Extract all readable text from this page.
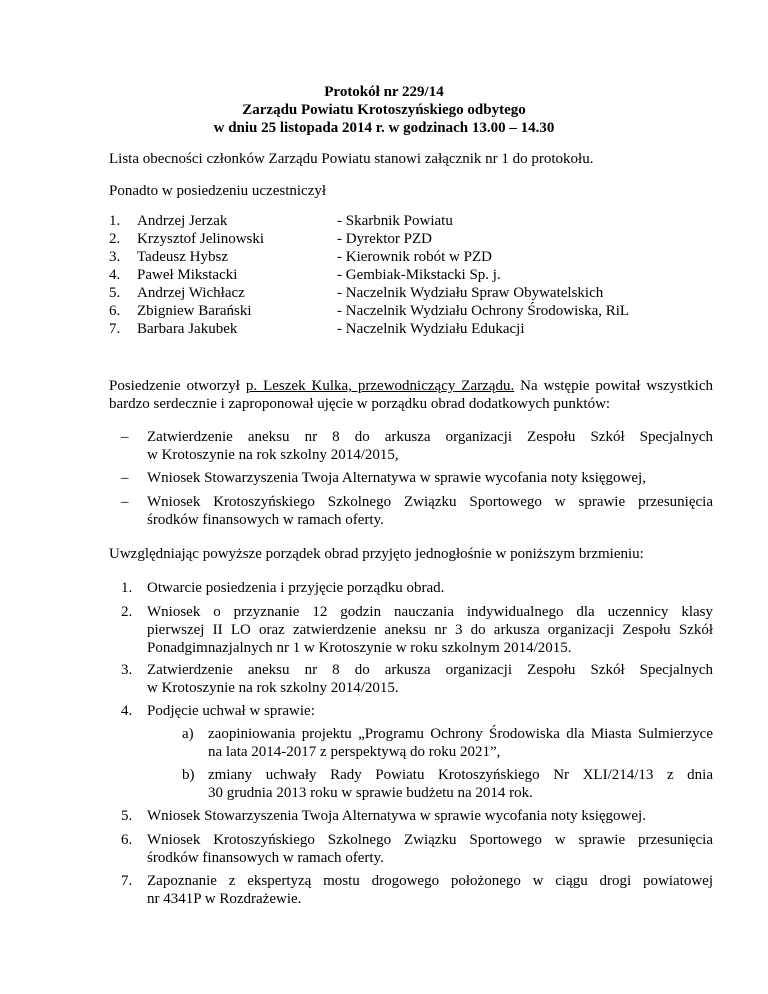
Protokół nr 229/14
Zarządu Powiatu Krotoszyńskiego odbytego
w dniu 25 listopada 2014 r. w godzinach 13.00 – 14.30
Lista obecności członków Zarządu Powiatu stanowi załącznik nr 1 do protokołu.
Ponadto w posiedzeniu uczestniczył
1.	Andrzej Jerzak	- Skarbnik Powiatu
2.	Krzysztof Jelinowski	- Dyrektor PZD
3.	Tadeusz Hybsz	- Kierownik robót w PZD
4.	Paweł Mikstacki	- Gembiak-Mikstacki Sp. j.
5.	Andrzej Wichłacz	- Naczelnik Wydziału Spraw Obywatelskich
6.	Zbigniew Barański	- Naczelnik Wydziału Ochrony Środowiska, RiL
7.	Barbara Jakubek	- Naczelnik Wydziału Edukacji
Posiedzenie otworzył p. Leszek Kulka, przewodniczący Zarządu. Na wstępie powitał wszystkich
bardzo serdecznie i zaproponował ujęcie w porządku obrad dodatkowych punktów:
– Zatwierdzenie aneksu nr 8 do arkusza organizacji Zespołu Szkół Specjalnych
w Krotoszynie na rok szkolny 2014/2015,
– Wniosek Stowarzyszenia Twoja Alternatywa w sprawie wycofania noty księgowej,
– Wniosek Krotoszyńskiego Szkolnego Związku Sportowego w sprawie przesunięcia
środków finansowych w ramach oferty.
Uwzględniając powyższe porządek obrad przyjęto jednogłośnie w poniższym brzmieniu:
1. Otwarcie posiedzenia i przyjęcie porządku obrad.
2. Wniosek o przyznanie 12 godzin nauczania indywidualnego dla uczennicy klasy
pierwszej II LO oraz zatwierdzenie aneksu nr 3 do arkusza organizacji Zespołu Szkół
Ponadgimnazjalnych nr 1 w Krotoszynie w roku szkolnym 2014/2015.
3. Zatwierdzenie aneksu nr 8 do arkusza organizacji Zespołu Szkół Specjalnych
w Krotoszynie na rok szkolny 2014/2015.
4. Podjęcie uchwał w sprawie:
a) zaopiniowania projektu „Programu Ochrony Środowiska dla Miasta Sulmierzyce
na lata 2014-2017 z perspektywą do roku 2021”,
b) zmiany uchwały Rady Powiatu Krotoszyńskiego Nr XLI/214/13 z dnia
30 grudnia 2013 roku w sprawie budżetu na 2014 rok.
5. Wniosek Stowarzyszenia Twoja Alternatywa w sprawie wycofania noty księgowej.
6. Wniosek Krotoszyńskiego Szkolnego Związku Sportowego w sprawie przesunięcia
środków finansowych w ramach oferty.
7. Zapoznanie z ekspertyzą mostu drogowego położonego w ciągu drogi powiatowej
nr 4341P w Rozdrażewie.
